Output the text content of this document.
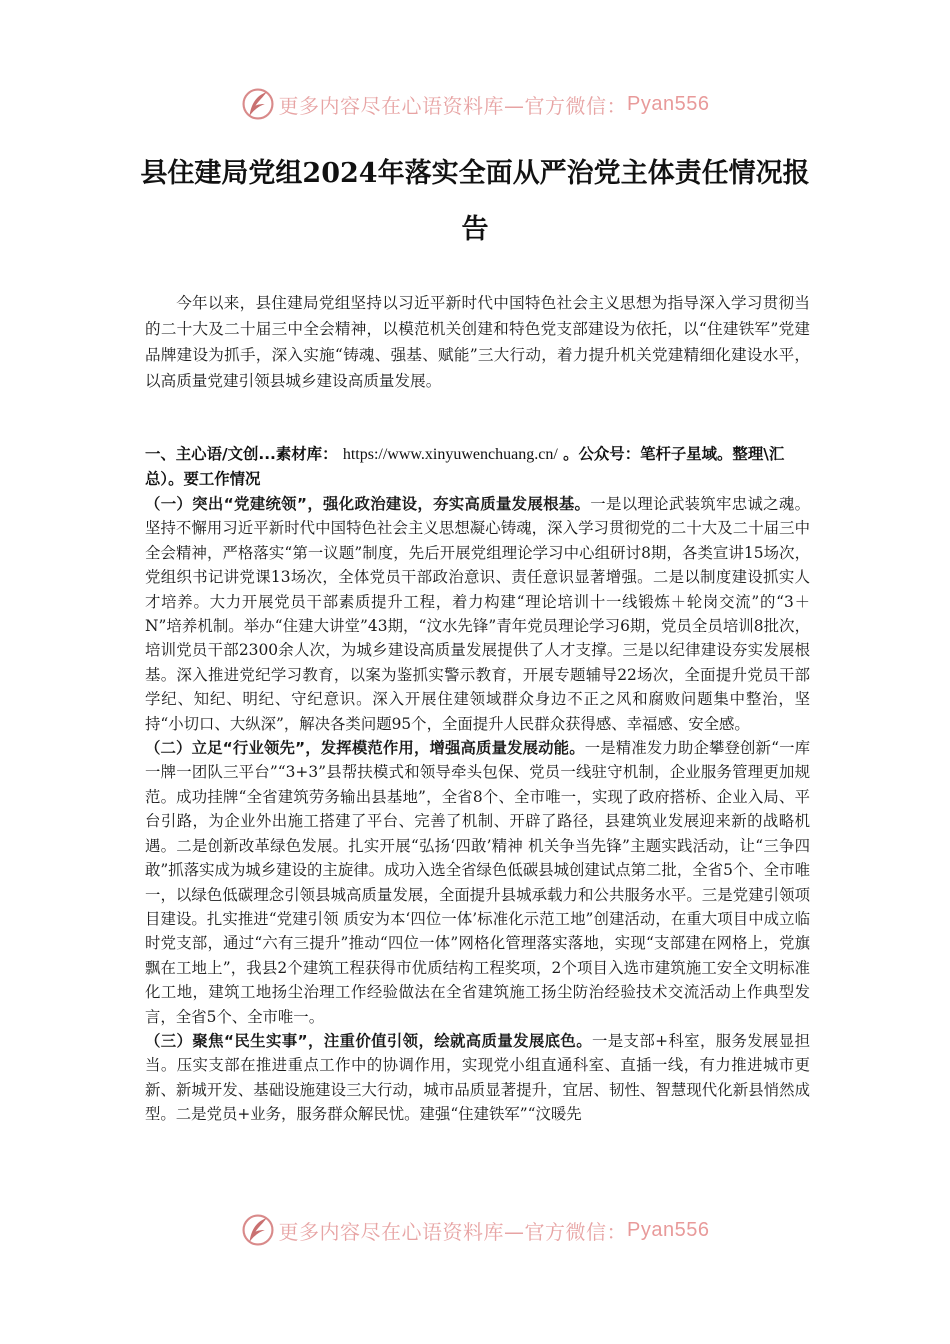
更多内容尽在心语资料库—官方微信： Pyan556
县住建局党组2024年落实全面从严治党主体责任情况报告
今年以来，县住建局党组坚持以习近平新时代中国特色社会主义思想为指导深入学习贯彻当的二十大及二十届三中全会精神，以模范机关创建和特色党支部建设为依托，以“住建铁军”党建品牌建设为抓手，深入实施“铸魂、强基、赋能”三大行动，着力提升机关党建精细化建设水平，以高质量党建引领县城乡建设高质量发展。
一、主心语/文创...素材库： https://www.xinyuwenchuang.cn/ 。公众号：笔杆子星域。整理\汇总）。要工作情况

（一）突出“党建统领”，强化政治建设，夯实高质量发展根基。一是以理论武装筑牢忠诚之魂。坚持不懈用习近平新时代中国特色社会主义思想凝心铸魂，深入学习贯彻党的二十大及二十届三中全会精神，严格落实“第一议题”制度，先后开展党组理论学习中心组研讨8期，各类宣讲15场次，党组织书记讲党课13场次，全体党员干部政治意识、责任意识显著增强。二是以制度建设抓实人才培养。大力开展党员干部素质提升工程，着力构建“理论培训十一线锻炼＋轮岗交流”的“3＋N”培养机制。举办“住建大讲堂”43期，“汶水先锋”青年党员理论学习6期，党员全员培训8批次，培训党员干部2300余人次，为城乡建设高质量发展提供了人才支撑。三是以纪律建设夯实发展根基。深入推进党纪学习教育，以案为鉴抓实警示教育，开展专题辅导22场次，全面提升党员干部学纪、知纪、明纪、守纪意识。深入开展住建领域群众身边不正之风和腐败问题集中整治，坚持“小切口、大纵深”，解决各类问题95个，全面提升人民群众获得感、幸福感、安全感。

（二）立足“行业领先”，发挥模范作用，增强高质量发展动能。一是精准发力助企攀登创新“一库一牌一团队三平台”“3+3”县帮扶模式和领导牵头包保、党员一线驻守机制，企业服务管理更加规范。成功挂牌“全省建筑劳务输出县基地”，全省8个、全市唯一，实现了政府搭桥、企业入局、平台引路，为企业外出施工搭建了平台、完善了机制、开辟了路径，县建筑业发展迎来新的战略机遇。二是创新改革绿色发展。扎实开展“弘扬‘四敢’精神 机关争当先锋”主题实践活动，让“三争四敢”抓落实成为城乡建设的主旋律。成功入选全省绿色低碳县城创建试点第二批，全省5个、全市唯一，以绿色低碳理念引领县城高质量发展，全面提升县城承载力和公共服务水平。三是党建引领项目建设。扎实推进“党建引领 质安为本‘四位一体’标准化示范工地”创建活动，在重大项目中成立临时党支部，通过“六有三提升”推动“四位一体”网格化管理落实落地，实现“支部建在网格上，党旗飘在工地上”，我县2个建筑工程获得市优质结构工程奖项，2个项目入选市建筑施工安全文明标准化工地，建筑工地扬尘治理工作经验做法在全省建筑施工扬尘防治经验技术交流活动上作典型发言，全省5个、全市唯一。

（三）聚焦“民生实事”，注重价值引领，绘就高质量发展底色。一是支部+科室，服务发展显担当。压实支部在推进重点工作中的协调作用，实现党小组直通科室、直插一线，有力推进城市更新、新城开发、基础设施建设三大行动，城市品质显著提升，宜居、韧性、智慧现代化新县悄然成型。二是党员+业务，服务群众解民忧。建强“住建铁军”“汶暖先

更多内容尽在心语资料库—官方微信： Pyan556
